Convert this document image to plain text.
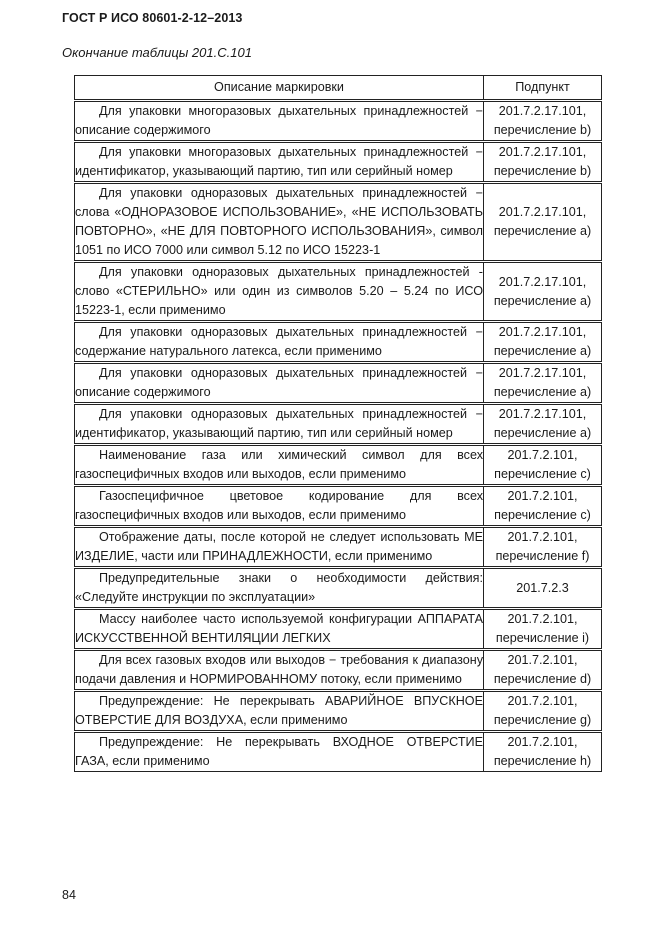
ГОСТ Р ИСО 80601-2-12–2013
Окончание таблицы 201.С.101
Описание маркировки	Подпункт

Для упаковки многоразовых дыхательных принадлежностей − описание содержимого	201.7.2.17.101, перечисление b)

Для упаковки многоразовых дыхательных принадлежностей − идентификатор, указывающий партию, тип или серийный номер	201.7.2.17.101, перечисление b)

Для упаковки одноразовых дыхательных принадлежностей − слова «ОДНОРАЗОВОЕ ИСПОЛЬЗОВАНИЕ», «НЕ ИСПОЛЬЗОВАТЬ ПОВТОРНО», «НЕ ДЛЯ ПОВТОРНОГО ИСПОЛЬЗОВАНИЯ», символ 1051 по ИСО 7000 или символ 5.12 по ИСО 15223-1	201.7.2.17.101, перечисление a)

Для упаковки одноразовых дыхательных принадлежностей - слово «СТЕРИЛЬНО» или один из символов 5.20 – 5.24 по ИСО 15223-1, если применимо	201.7.2.17.101, перечисление a)

Для упаковки одноразовых дыхательных принадлежностей − содержание натурального латекса, если применимо	201.7.2.17.101, перечисление a)

Для упаковки одноразовых дыхательных принадлежностей − описание содержимого	201.7.2.17.101, перечисление a)

Для упаковки одноразовых дыхательных принадлежностей − идентификатор, указывающий партию, тип или серийный номер	201.7.2.17.101, перечисление a)

Наименование газа или химический символ для всех газоспецифичных входов или выходов, если применимо	201.7.2.101, перечисление c)

Газоспецифичное цветовое кодирование для всех газоспецифичных входов или выходов, если применимо	201.7.2.101, перечисление c)

Отображение даты, после которой не следует использовать МЕ ИЗДЕЛИЕ, части или ПРИНАДЛЕЖНОСТИ, если применимо	201.7.2.101, перечисление f)

Предупредительные знаки о необходимости действия: «Следуйте инструкции по эксплуатации»	201.7.2.3

Массу наиболее часто используемой конфигурации АППАРАТА ИСКУССТВЕННОЙ ВЕНТИЛЯЦИИ ЛЕГКИХ	201.7.2.101, перечисление i)

Для всех газовых входов или выходов − требования к диапазону подачи давления и НОРМИРОВАННОМУ потоку, если применимо	201.7.2.101, перечисление d)

Предупреждение: Не перекрывать АВАРИЙНОЕ ВПУСКНОЕ ОТВЕРСТИЕ ДЛЯ ВОЗДУХА, если применимо	201.7.2.101, перечисление g)

Предупреждение: Не перекрывать ВХОДНОЕ ОТВЕРСТИЕ ГАЗА, если применимо	201.7.2.101, перечисление h)
84
